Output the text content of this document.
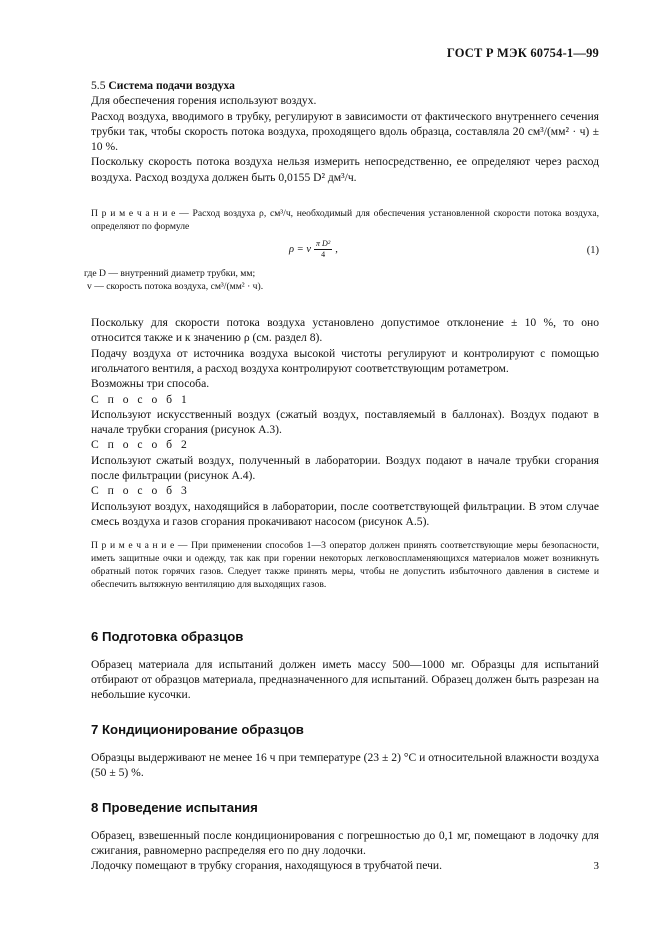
ГОСТ Р МЭК 60754-1—99

5.5 Система подачи воздуха

Для обеспечения горения используют воздух.

Расход воздуха, вводимого в трубку, регулируют в зависимости от фактического внутреннего сечения трубки так, чтобы скорость потока воздуха, проходящего вдоль образца, составляла 20 см³/(мм² · ч) ± 10 %.

Поскольку скорость потока воздуха нельзя измерить непосредственно, ее определяют через расход воздуха. Расход воздуха должен быть 0,0155 D² дм³/ч.

П р и м е ч а н и е — Расход воздуха ρ, см³/ч, необходимый для обеспечения установленной скорости потока воздуха, определяют по формуле

ρ = v $\frac{\text{π D²}}{4}$ ,	(1)

где D — внутренний диаметр трубки, мм;

v — скорость потока воздуха, см³/(мм² · ч).

Поскольку для скорости потока воздуха установлено допустимое отклонение ± 10 %, то оно относится также и к значению ρ (см. раздел 8).

Подачу воздуха от источника воздуха высокой чистоты регулируют и контролируют с помощью игольчатого вентиля, а расход воздуха контролируют соответствующим ротаметром.

Возможны три способа.

С п о с о б 1

Используют искусственный воздух (сжатый воздух, поставляемый в баллонах). Воздух подают в начале трубки сгорания (рисунок А.3).

С п о с о б 2

Используют сжатый воздух, полученный в лаборатории. Воздух подают в начале трубки сгорания после фильтрации (рисунок А.4).

С п о с о б 3

Используют воздух, находящийся в лаборатории, после соответствующей фильтрации. В этом случае смесь воздуха и газов сгорания прокачивают насосом (рисунок А.5).

П р и м е ч а н и е — При применении способов 1—3 оператор должен принять соответствующие меры безопасности, иметь защитные очки и одежду, так как при горении некоторых легковоспламеняющихся материалов может возникнуть обратный поток горячих газов. Следует также принять меры, чтобы не допустить избыточного давления в системе и обеспечить вытяжную вентиляцию для выходящих газов.

6 Подготовка образцов

Образец материала для испытаний должен иметь массу 500—1000 мг. Образцы для испытаний отбирают от образцов материала, предназначенного для испытаний. Образец должен быть разрезан на небольшие кусочки.

7 Кондиционирование образцов

Образцы выдерживают не менее 16 ч при температуре (23 ± 2) °С и относительной влажности воздуха (50 ± 5) %.

8 Проведение испытания

Образец, взвешенный после кондиционирования с погрешностью до 0,1 мг, помещают в лодочку для сжигания, равномерно распределяя его по дну лодочки.

Лодочку помещают в трубку сгорания, находящуюся в трубчатой печи.	3
